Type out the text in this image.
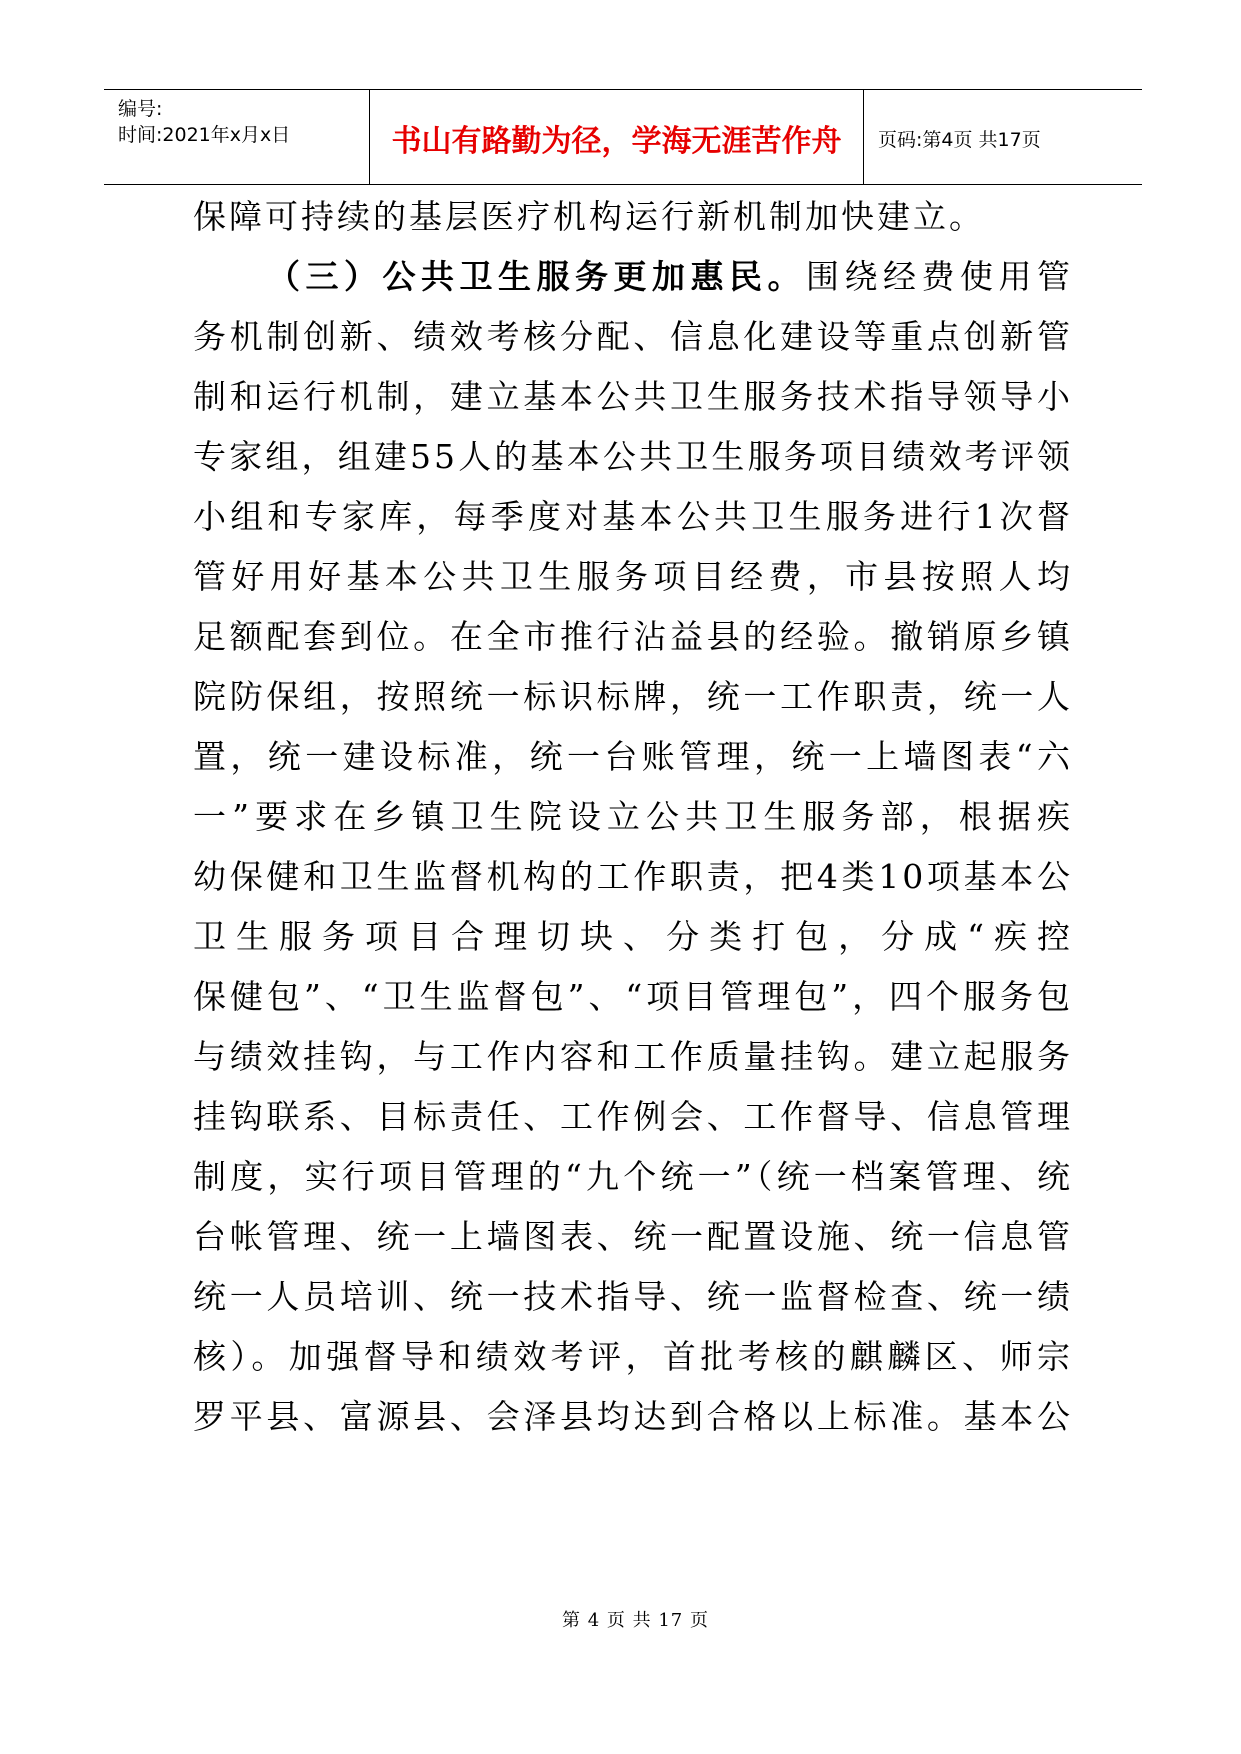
编号:
时间:2021年x月x日	书山有路勤为径，学海无涯苦作舟	页码:第4页 共17页
保障可持续的基层医疗机构运行新机制加快建立。
（三）公共卫生服务更加惠民。围绕经费使用管
务机制创新、绩效考核分配、信息化建设等重点创新管
制和运行机制，建立基本公共卫生服务技术指导领导小
专家组，组建55人的基本公共卫生服务项目绩效考评领
小组和专家库，每季度对基本公共卫生服务进行1次督
管好用好基本公共卫生服务项目经费，市县按照人均
足额配套到位。在全市推行沾益县的经验。撤销原乡镇
院防保组，按照统一标识标牌，统一工作职责，统一人
置，统一建设标准，统一台账管理，统一上墙图表“六
一”要求在乡镇卫生院设立公共卫生服务部，根据疾
幼保健和卫生监督机构的工作职责，把4类10项基本公
卫生服务项目合理切块、分类打包，分成“疾控
保健包”、“卫生监督包”、“项目管理包”，四个服务包
与绩效挂钩，与工作内容和工作质量挂钩。建立起服务
挂钩联系、目标责任、工作例会、工作督导、信息管理
制度，实行项目管理的“九个统一”（统一档案管理、统
台帐管理、统一上墙图表、统一配置设施、统一信息管
统一人员培训、统一技术指导、统一监督检查、统一绩
核）。加强督导和绩效考评，首批考核的麒麟区、师宗
罗平县、富源县、会泽县均达到合格以上标准。基本公
第 4 页 共 17 页
